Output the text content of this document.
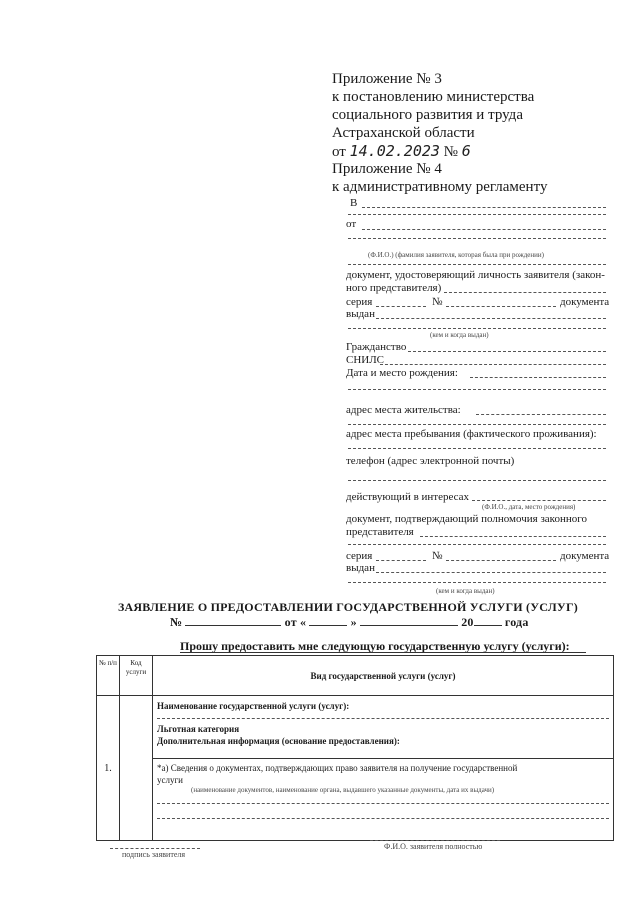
Приложение № 3
к постановлению министерства
социального развития и труда
Астраханской области
от 14.02.2023 № 6
Приложение № 4
к административному регламенту
В
от
(Ф.И.О.) (фамилия заявителя, которая была при рождении)
документ, удостоверяющий личность заявителя (закон-
ного представителя)
серия	№	документа
выдан
(кем и когда выдан)
Гражданство
СНИЛС
Дата и место рождения:
адрес места жительства:
адрес места пребывания (фактического проживания):
телефон (адрес электронной почты)
действующий в интересах
(Ф.И.О., дата, место рождения)
документ, подтверждающий полномочия законного
представителя
серия	№	документа
выдан
(кем и когда выдан)
ЗАЯВЛЕНИЕ О ПРЕДОСТАВЛЕНИИ ГОСУДАРСТВЕННОЙ УСЛУГИ (УСЛУГ)
№	от «	»	20	года
Прошу предоставить мне следующую государственную услугу (услуги):
№ п/п	Код услуги	Вид государственной услуги (услуг)
1.		Наименование государственной услуги (услуг):
Льготная категория
Дополнительная информация (основание предоставления):

		*а) Сведения о документах, подтверждающих право заявителя на получение государственной
услуги
(наименование документов, наименование органа, выдавшего указанные документы, дата их выдачи)
подпись заявителя
Ф.И.О. заявителя полностью
